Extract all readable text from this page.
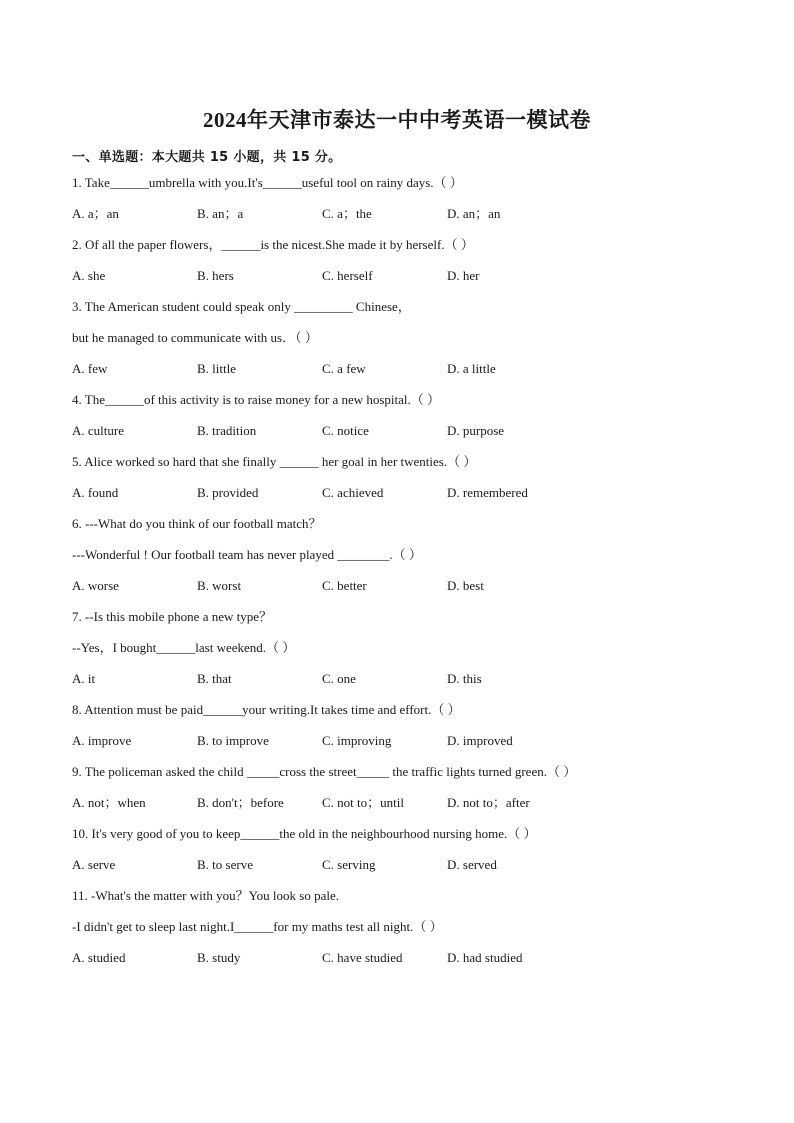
2024年天津市泰达一中中考英语一模试卷
一、单选题：本大题共 15 小题，共 15 分。
1. Take______umbrella with you.It's______useful tool on rainy days.（ ）
A. a；an	B. an；a	C. a；the	D. an；an
2. Of all the paper flowers，______is the nicest.She made it by herself.（ ）
A. she	B. hers	C. herself	D. her
3. The American student could speak only _________ Chinese，
but he managed to communicate with us．（ ）
A. few	B. little	C. a few	D. a little
4. The______of this activity is to raise money for a new hospital.（ ）
A. culture	B. tradition	C. notice	D. purpose
5. Alice worked so hard that she finally ______ her goal in her twenties.（ ）
A. found	B. provided	C. achieved	D. remembered
6. ---What do you think of our football match？
---Wonderful ! Our football team has never played ________.（ ）
A. worse	B. worst	C. better	D. best
7. --Is this mobile phone a new type？
--Yes，I bought______last weekend.（ ）
A. it	B. that	C. one	D. this
8. Attention must be paid______your writing.It takes time and effort.（ ）
A. improve	B. to improve	C. improving	D. improved
9. The policeman asked the child _____cross the street_____ the traffic lights turned green.（ ）
A. not；when	B. don't；before	C. not to；until	D. not to；after
10. It's very good of you to keep______the old in the neighbourhood nursing home.（ ）
A. serve	B. to serve	C. serving	D. served
11. -What's the matter with you？You look so pale.
-I didn't get to sleep last night.I______for my maths test all night.（ ）
A. studied	B. study	C. have studied	D. had studied
